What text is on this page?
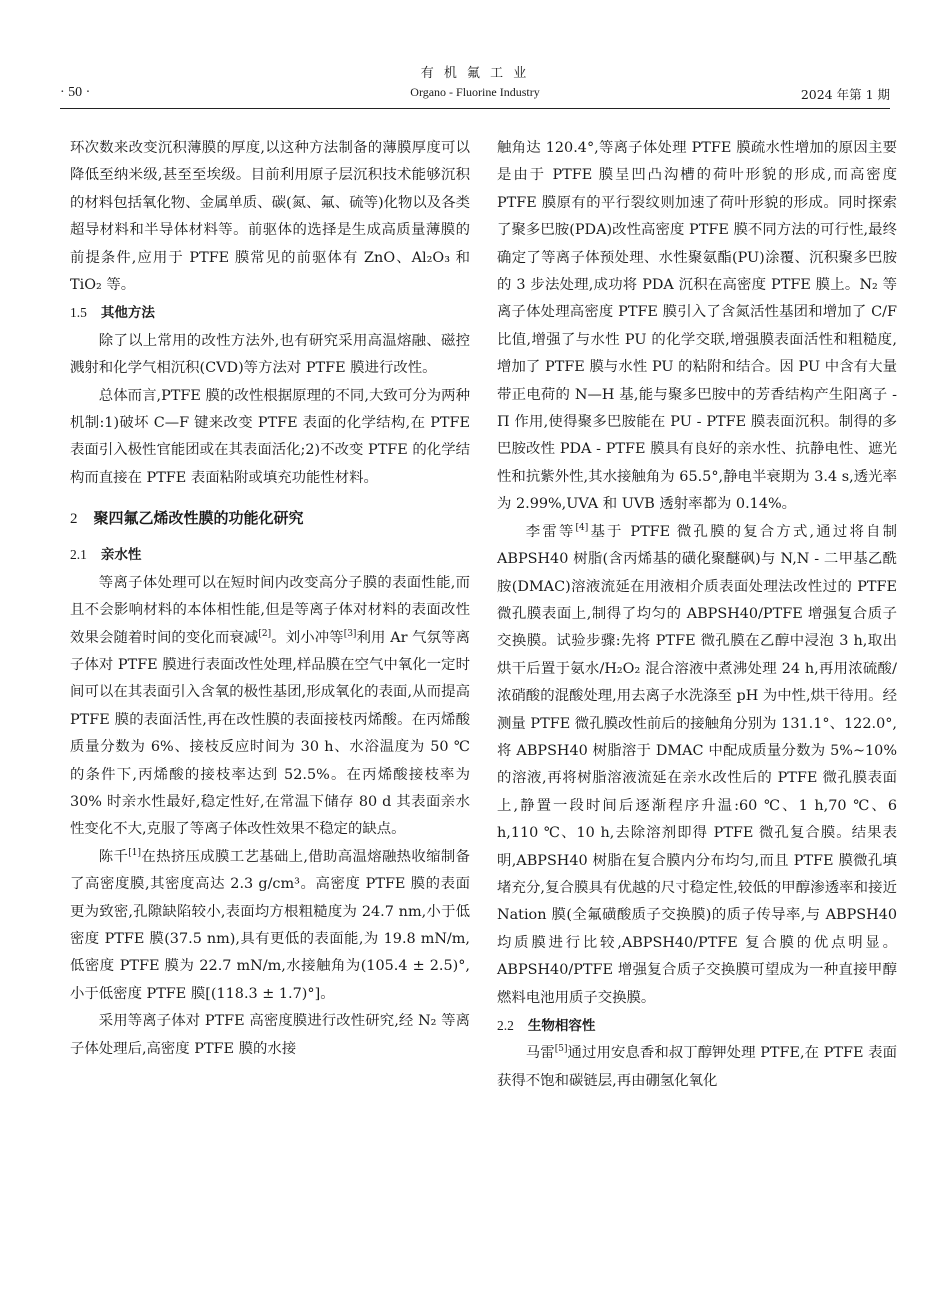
有 机 氟 工 业
Organo - Fluorine Industry
· 50 ·	2024 年第 1 期

环次数来改变沉积薄膜的厚度,以这种方法制备的薄膜厚度可以降低至纳米级,甚至至埃级。目前利用原子层沉积技术能够沉积的材料包括氧化物、金属单质、碳(氮、氟、硫等)化物以及各类超导材料和半导体材料等。前驱体的选择是生成高质量薄膜的前提条件,应用于 PTFE 膜常见的前驱体有 ZnO、Al₂O₃ 和 TiO₂ 等。

1.5 其他方法

除了以上常用的改性方法外,也有研究采用高温熔融、磁控溅射和化学气相沉积(CVD)等方法对 PTFE 膜进行改性。

总体而言,PTFE 膜的改性根据原理的不同,大致可分为两种机制:1)破坏 C—F 键来改变 PTFE 表面的化学结构,在 PTFE 表面引入极性官能团或在其表面活化;2)不改变 PTFE 的化学结构而直接在 PTFE 表面粘附或填充功能性材料。

2 聚四氟乙烯改性膜的功能化研究
2.1 亲水性

等离子体处理可以在短时间内改变高分子膜的表面性能,而且不会影响材料的本体相性能,但是等离子体对材料的表面改性效果会随着时间的变化而衰减[2]。刘小冲等[3]利用 Ar 气氛等离子体对 PTFE 膜进行表面改性处理,样品膜在空气中氧化一定时间可以在其表面引入含氧的极性基团,形成氧化的表面,从而提高 PTFE 膜的表面活性,再在改性膜的表面接枝丙烯酸。在丙烯酸质量分数为 6%、接枝反应时间为 30 h、水浴温度为 50 ℃ 的条件下,丙烯酸的接枝率达到 52.5%。在丙烯酸接枝率为 30% 时亲水性最好,稳定性好,在常温下储存 80 d 其表面亲水性变化不大,克服了等离子体改性效果不稳定的缺点。

陈千[1]在热挤压成膜工艺基础上,借助高温熔融热收缩制备了高密度膜,其密度高达 2.3 g/cm³。高密度 PTFE 膜的表面更为致密,孔隙缺陷较小,表面均方根粗糙度为 24.7 nm,小于低密度 PTFE 膜(37.5 nm),具有更低的表面能,为 19.8 mN/m,低密度 PTFE 膜为 22.7 mN/m,水接触角为(105.4 ± 2.5)°,小于低密度 PTFE 膜[(118.3 ± 1.7)°]。

采用等离子体对 PTFE 高密度膜进行改性研究,经 N₂ 等离子体处理后,高密度 PTFE 膜的水接

触角达 120.4°,等离子体处理 PTFE 膜疏水性增加的原因主要是由于 PTFE 膜呈凹凸沟槽的荷叶形貌的形成,而高密度 PTFE 膜原有的平行裂纹则加速了荷叶形貌的形成。同时探索了聚多巴胺(PDA)改性高密度 PTFE 膜不同方法的可行性,最终确定了等离子体预处理、水性聚氨酯(PU)涂覆、沉积聚多巴胺的 3 步法处理,成功将 PDA 沉积在高密度 PTFE 膜上。N₂ 等离子体处理高密度 PTFE 膜引入了含氮活性基团和增加了 C/F 比值,增强了与水性 PU 的化学交联,增强膜表面活性和粗糙度,增加了 PTFE 膜与水性 PU 的粘附和结合。因 PU 中含有大量带正电荷的 N—H 基,能与聚多巴胺中的芳香结构产生阳离子 - Π 作用,使得聚多巴胺能在 PU - PTFE 膜表面沉积。制得的多巴胺改性 PDA - PTFE 膜具有良好的亲水性、抗静电性、遮光性和抗紫外性,其水接触角为 65.5°,静电半衰期为 3.4 s,透光率为 2.99%,UVA 和 UVB 透射率都为 0.14%。

李雷等[4]基于 PTFE 微孔膜的复合方式,通过将自制 ABPSH40 树脂(含丙烯基的磺化聚醚砜)与 N,N - 二甲基乙酰胺(DMAC)溶液流延在用液相介质表面处理法改性过的 PTFE 微孔膜表面上,制得了均匀的 ABPSH40/PTFE 增强复合质子交换膜。试验步骤:先将 PTFE 微孔膜在乙醇中浸泡 3 h,取出烘干后置于氨水/H₂O₂ 混合溶液中煮沸处理 24 h,再用浓硫酸/浓硝酸的混酸处理,用去离子水洗涤至 pH 为中性,烘干待用。经测量 PTFE 微孔膜改性前后的接触角分别为 131.1°、122.0°,将 ABPSH40 树脂溶于 DMAC 中配成质量分数为 5%~10% 的溶液,再将树脂溶液流延在亲水改性后的 PTFE 微孔膜表面上,静置一段时间后逐渐程序升温:60 ℃、1 h,70 ℃、6 h,110 ℃、10 h,去除溶剂即得 PTFE 微孔复合膜。结果表明,ABPSH40 树脂在复合膜内分布均匀,而且 PTFE 膜微孔填堵充分,复合膜具有优越的尺寸稳定性,较低的甲醇渗透率和接近 Nation 膜(全氟磺酸质子交换膜)的质子传导率,与 ABPSH40 均质膜进行比较,ABPSH40/PTFE 复合膜的优点明显。ABPSH40/PTFE 增强复合质子交换膜可望成为一种直接甲醇燃料电池用质子交换膜。

2.2 生物相容性

马雷[5]通过用安息香和叔丁醇钾处理 PTFE,在 PTFE 表面获得不饱和碳链层,再由硼氢化氧化
